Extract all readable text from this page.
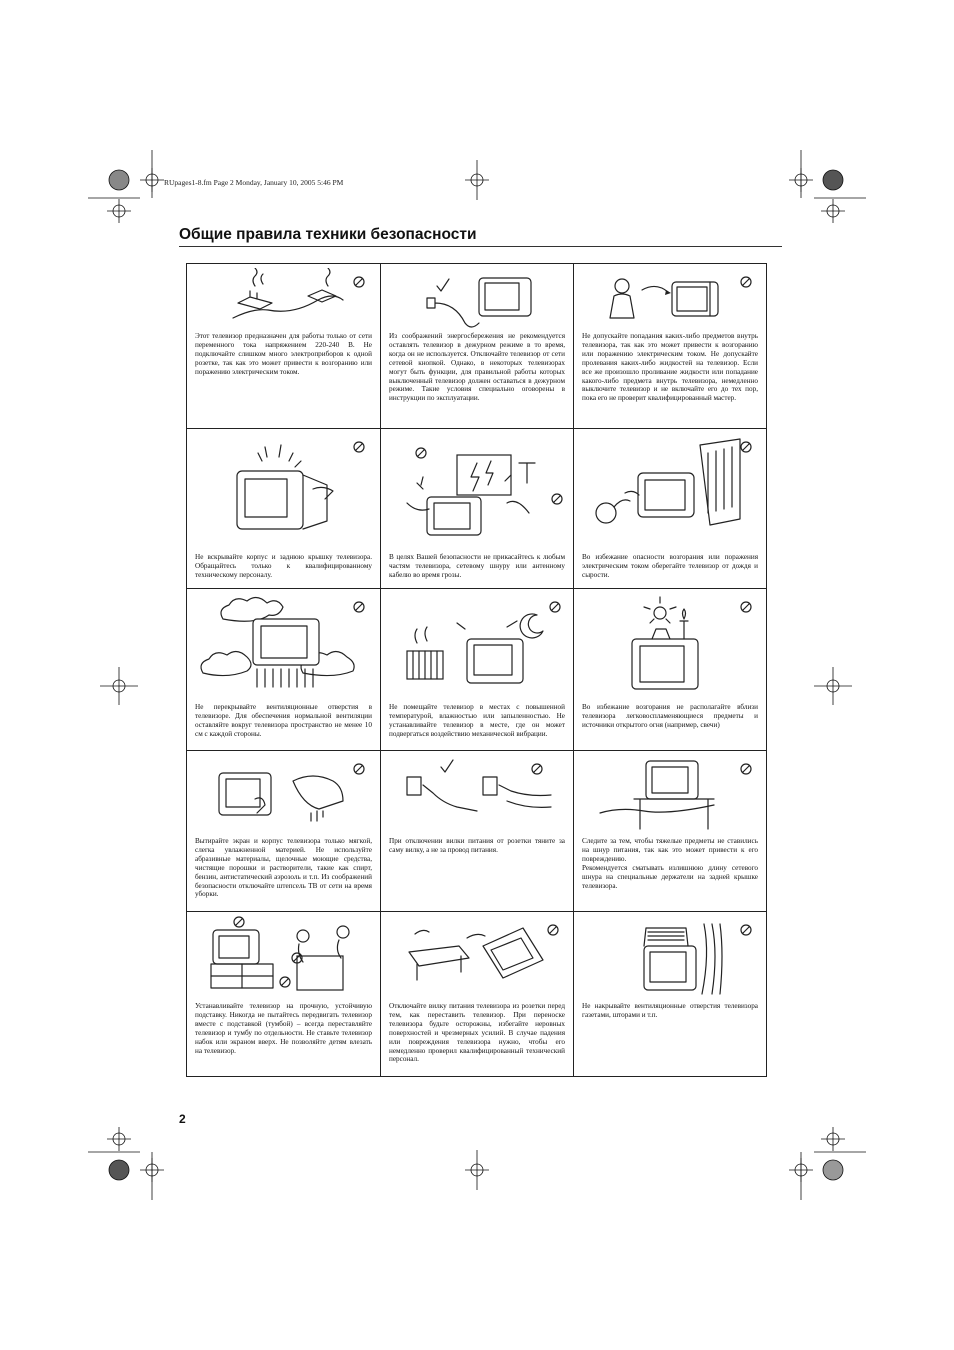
RUpages1-8.fm Page 2 Monday, January 10, 2005 5:46 PM
Общие правила техники безопасности

Этот телевизор предназначен для работы только от сети переменного тока напряжением 220-240 В. Не подключайте слишком много электроприборов к одной розетке, так как это может привести к возгоранию или поражению электрическим током.

Из соображений энергосбережения не рекомендуется оставлять телевизор в дежурном режиме в то время, когда он не используется. Отключайте телевизор от сети сетевой кнопкой. Однако, в некоторых телевизорах могут быть функции, для правильной работы которых выключенный телевизор должен оставаться в дежурном режиме. Такие условия специально оговорены в инструкции по эксплуатации.

Не допускайте попадания каких-либо предметов внутрь телевизора, так как это может привести к возгоранию или поражению электрическим током. Не допускайте пролевания каких-либо жидкостей на телевизор. Если все же произошло проливание жидкости или попадание какого-либо предмета внутрь телевизора, немедленно выключите телевизор и не включайте его до тех пор, пока его не проверит квалифицированный мастер.

Не вскрывайте корпус и заднюю крышку телевизора. Обращайтесь только к квалифицированному техническому персоналу.

В целях Вашей безопасности не прикасайтесь к любым частям телевизора, сетевому шнуру или антенному кабелю во время грозы.

Во избежание опасности возгорания или поражения электрическим током оберегайте телевизор от дождя и сырости.

Не перекрывайте вентиляционные отверстия в телевизоре. Для обеспечения нормальной вентиляции оставляйте вокруг телевизора пространство не менее 10 см с каждой стороны.

Не помещайте телевизор в местах с повышенной температурой, влажностью или запыленностью. Не устанавливайте телевизор в месте, где он может подвергаться воздействию механической вибрации.

Во избежание возгорания не располагайте вблизи телевизора легковоспламеняющиеся предметы и источники открытого огня (например, свечи)

Вытирайте экран и корпус телевизора только мягкой, слегка увлажненной материей. Не используйте абразивные материалы, щелочные моющие средства, чистящие порошки и растворители, такие как спирт, бензин, антистатический аэрозоль и т.п. Из соображений безопасности отключайте штепсель ТВ от сети на время уборки.

При отключении вилки питания от розетки тяните за саму вилку, а не за провод питания.

Следите за тем, чтобы тяжелые предметы не ставились на шнур питания, так как это может привести к его повреждению.
Рекомендуется сматывать излишнюю длину сетевого шнура на специальные держатели на задней крышке телевизора.

Устанавливайте телевизор на прочную, устойчивую подставку. Никогда не пытайтесь передвигать телевизор вместе с подставкой (тумбой) – всегда переставляйте телевизор и тумбу по отдельности. Не ставьте телевизор набок или экраном вверх. Не позволяйте детям влезать на телевизор.

Отключайте вилку питания телевизора из розетки перед тем, как переставить телевизор. При переноске телевизора будьте осторожны, избегайте неровных поверхностей и чрезмерных усилий. В случае падения или повреждения телевизора нужно, чтобы его немедленно проверил квалифицированный технический персонал.

Не накрывайте вентиляционные отверстия телевизора газетами, шторами и т.п.

2
